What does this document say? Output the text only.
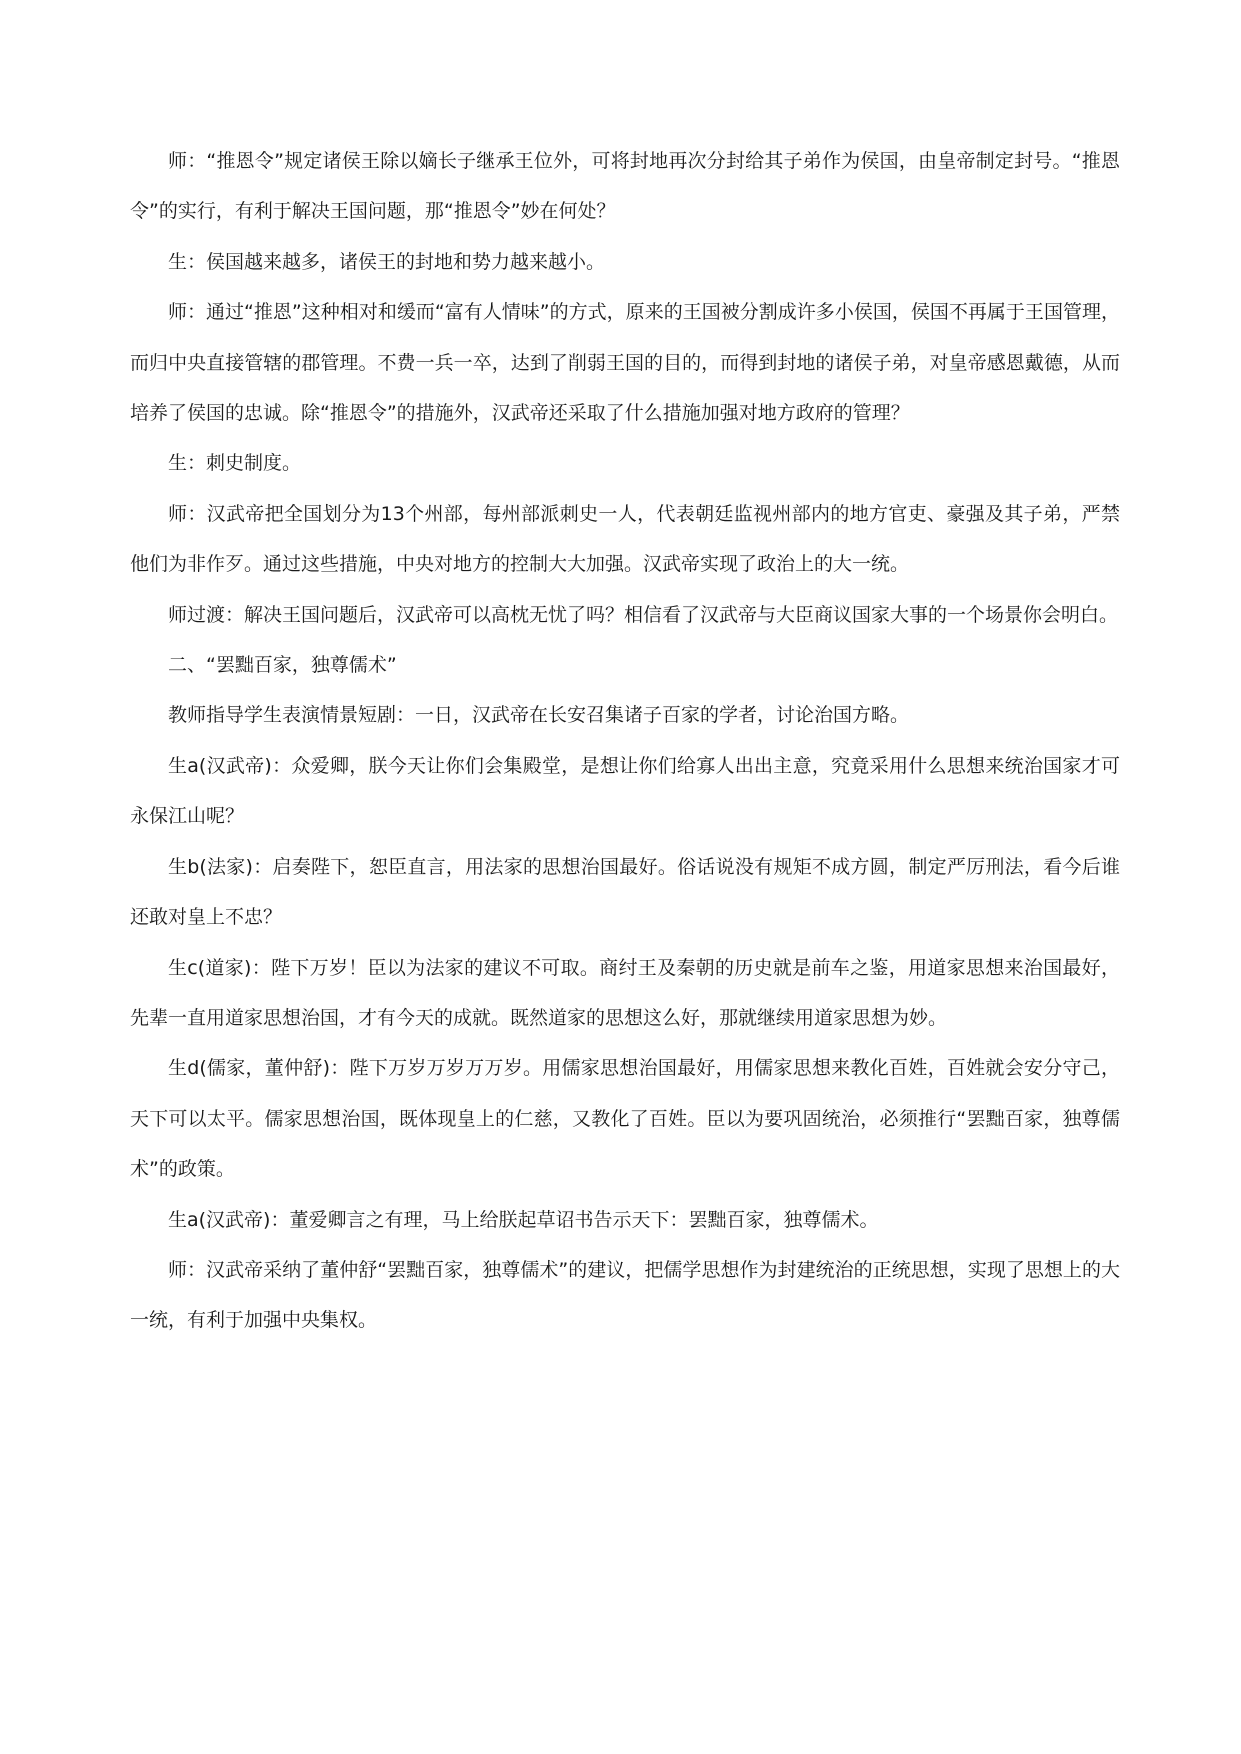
师：“推恩令”规定诸侯王除以嫡长子继承王位外，可将封地再次分封给其子弟作为侯国，由皇帝制定封号。“推恩令”的实行，有利于解决王国问题，那“推恩令”妙在何处？

生：侯国越来越多，诸侯王的封地和势力越来越小。

师：通过“推恩”这种相对和缓而“富有人情味”的方式，原来的王国被分割成许多小侯国，侯国不再属于王国管理，而归中央直接管辖的郡管理。不费一兵一卒，达到了削弱王国的目的，而得到封地的诸侯子弟，对皇帝感恩戴德，从而培养了侯国的忠诚。除“推恩令”的措施外，汉武帝还采取了什么措施加强对地方政府的管理？

生：刺史制度。

师：汉武帝把全国划分为13个州部，每州部派刺史一人，代表朝廷监视州部内的地方官吏、豪强及其子弟，严禁他们为非作歹。通过这些措施，中央对地方的控制大大加强。汉武帝实现了政治上的大一统。

师过渡：解决王国问题后，汉武帝可以高枕无忧了吗？相信看了汉武帝与大臣商议国家大事的一个场景你会明白。

二、“罢黜百家，独尊儒术”

教师指导学生表演情景短剧：一日，汉武帝在长安召集诸子百家的学者，讨论治国方略。

生a(汉武帝)：众爱卿，朕今天让你们会集殿堂，是想让你们给寡人出出主意，究竟采用什么思想来统治国家才可永保江山呢？

生b(法家)：启奏陛下，恕臣直言，用法家的思想治国最好。俗话说没有规矩不成方圆，制定严厉刑法，看今后谁还敢对皇上不忠？

生c(道家)：陛下万岁！臣以为法家的建议不可取。商纣王及秦朝的历史就是前车之鉴，用道家思想来治国最好，先辈一直用道家思想治国，才有今天的成就。既然道家的思想这么好，那就继续用道家思想为妙。

生d(儒家，董仲舒)：陛下万岁万岁万万岁。用儒家思想治国最好，用儒家思想来教化百姓，百姓就会安分守己，天下可以太平。儒家思想治国，既体现皇上的仁慈，又教化了百姓。臣以为要巩固统治，必须推行“罢黜百家，独尊儒术”的政策。

生a(汉武帝)：董爱卿言之有理，马上给朕起草诏书告示天下：罢黜百家，独尊儒术。

师：汉武帝采纳了董仲舒“罢黜百家，独尊儒术”的建议，把儒学思想作为封建统治的正统思想，实现了思想上的大一统，有利于加强中央集权。
